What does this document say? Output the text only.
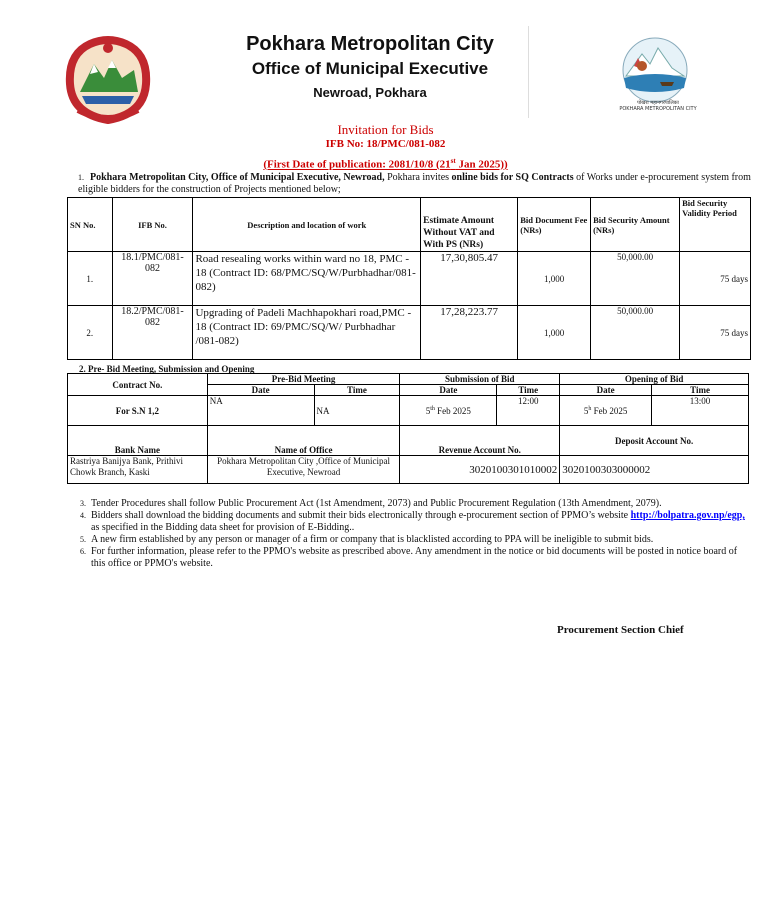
Pokhara Metropolitan City
Office of Municipal Executive
Newroad, Pokhara
पोखरा महानगरपालिका
POKHARA METROPOLITAN CITY
Invitation for Bids
IFB No: 18/PMC/081-082
(First Date of publication: 2081/10/8 (21st Jan 2025))
1. Pokhara Metropolitan City, Office of Municipal Executive, Newroad, Pokhara invites online bids for SQ Contracts of Works under e-procurement system from eligible bidders for the construction of Projects mentioned below;
SN No.	IFB No.	Description and location of work	Estimate Amount Without VAT and With PS (NRs)	Bid Document Fee (NRs)	Bid Security Amount (NRs)	Bid Security Validity Period
1.	18.1/PMC/081-082	Road resealing works within ward no 18, PMC - 18 (Contract ID: 68/PMC/SQ/W/Purbhadhar/081-082)	17,30,805.47	1,000	50,000.00	75 days
2.	18.2/PMC/081-082	Upgrading of Padeli Machhapokhari road,PMC - 18 (Contract ID: 69/PMC/SQ/W/ Purbhadhar /081-082)	17,28,223.77	1,000	50,000.00	75 days
2. Pre- Bid Meeting, Submission and Opening
Contract No.	Pre-Bid Meeting		Submission of Bid		Opening of Bid	
	Date	Time	Date	Time	Date	Time
For S.N 1,2	NA	NA	5th Feb 2025	12:00	5$^h$ Feb 2025	13:00
Bank Name	Name of Office		Revenue Account No.		Deposit Account No.	
Rastriya Banijya Bank, Prithivi Chowk Branch, Kaski	Pokhara Metropolitan City ,Office of Municipal Executive, Newroad		3020100301010002		3020100303000002	
3. Tender Procedures shall follow Public Procurement Act (1st Amendment, 2073) and Public Procurement Regulation (13th Amendment, 2079).
4. Bidders shall download the bidding documents and submit their bids electronically through e-procurement section of PPMO’s website http://bolpatra.gov.np/egp, as specified in the Bidding data sheet for provision of E-Bidding..
5. A new firm established by any person or manager of a firm or company that is blacklisted according to PPA will be ineligible to submit bids.
6. For further information, please refer to the PPMO's website as prescribed above. Any amendment in the notice or bid documents will be posted in notice board of this office or PPMO's website.
Procurement Section Chief
